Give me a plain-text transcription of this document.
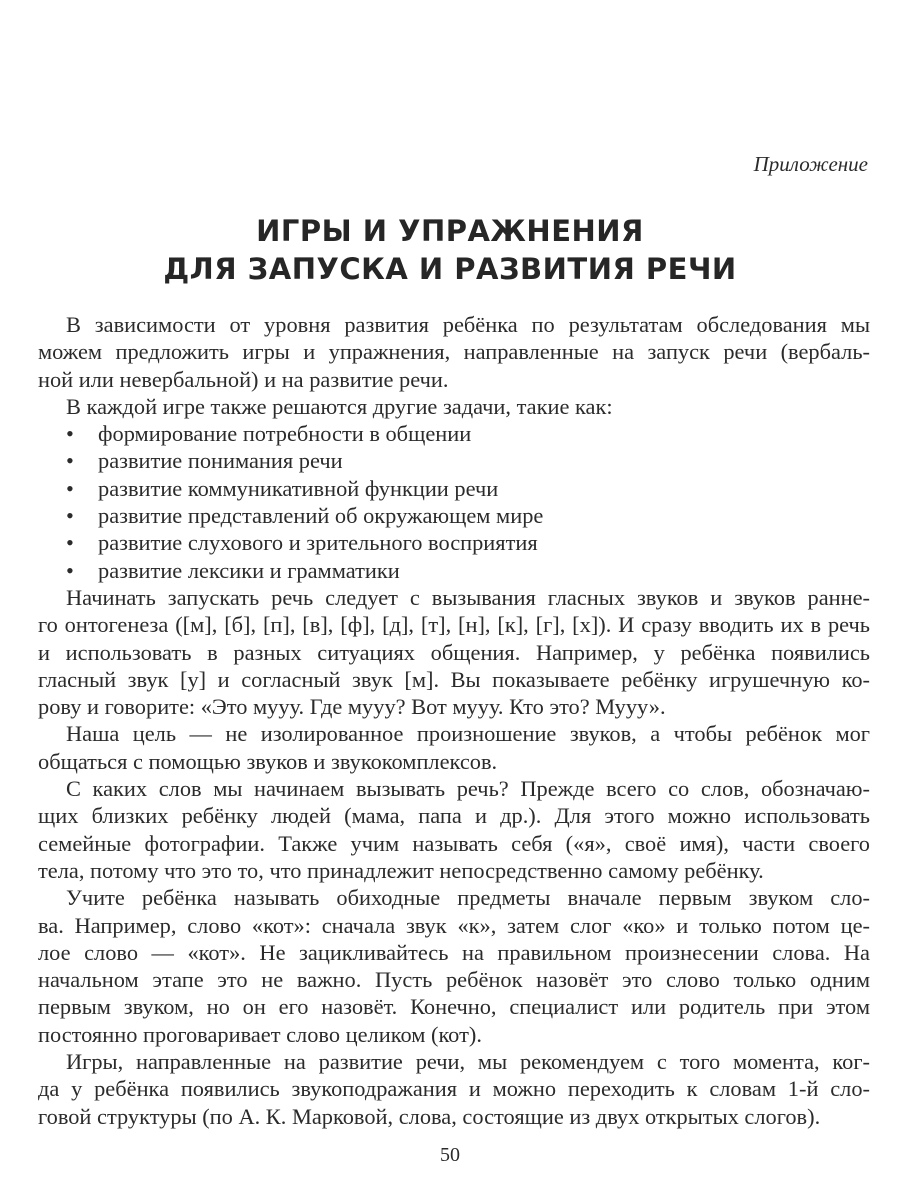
Приложение
ИГРЫ И УПРАЖНЕНИЯ
ДЛЯ ЗАПУСКА И РАЗВИТИЯ РЕЧИ

В зависимости от уровня развития ребёнка по результатам обследования мы
можем предложить игры и упражнения, направленные на запуск речи (вербаль-
ной или невербальной) и на развитие речи.

В каждой игре также решаются другие задачи, такие как:

• формирование потребности в общении
• развитие понимания речи
• развитие коммуникативной функции речи
• развитие представлений об окружающем мире
• развитие слухового и зрительного восприятия
• развитие лексики и грамматики

Начинать запускать речь следует с вызывания гласных звуков и звуков ранне-
го онтогенеза ([м], [б], [п], [в], [ф], [д], [т], [н], [к], [г], [х]). И сразу вводить их в речь
и использовать в разных ситуациях общения. Например, у ребёнка появились
гласный звук [у] и согласный звук [м]. Вы показываете ребёнку игрушечную ко-
рову и говорите: «Это мууу. Где мууу? Вот мууу. Кто это? Мууу».

Наша цель — не изолированное произношение звуков, а чтобы ребёнок мог
общаться с помощью звуков и звукокомплексов.

С каких слов мы начинаем вызывать речь? Прежде всего со слов, обозначаю-
щих близких ребёнку людей (мама, папа и др.). Для этого можно использовать
семейные фотографии. Также учим называть себя («я», своё имя), части своего
тела, потому что это то, что принадлежит непосредственно самому ребёнку.

Учите ребёнка называть обиходные предметы вначале первым звуком сло-
ва. Например, слово «кот»: сначала звук «к», затем слог «ко» и только потом це-
лое слово — «кот». Не зацикливайтесь на правильном произнесении слова. На
начальном этапе это не важно. Пусть ребёнок назовёт это слово только одним
первым звуком, но он его назовёт. Конечно, специалист или родитель при этом
постоянно проговаривает слово целиком (кот).

Игры, направленные на развитие речи, мы рекомендуем с того момента, ког-
да у ребёнка появились звукоподражания и можно переходить к словам 1-й сло-
говой структуры (по А. К. Марковой, слова, состоящие из двух открытых слогов).

50
